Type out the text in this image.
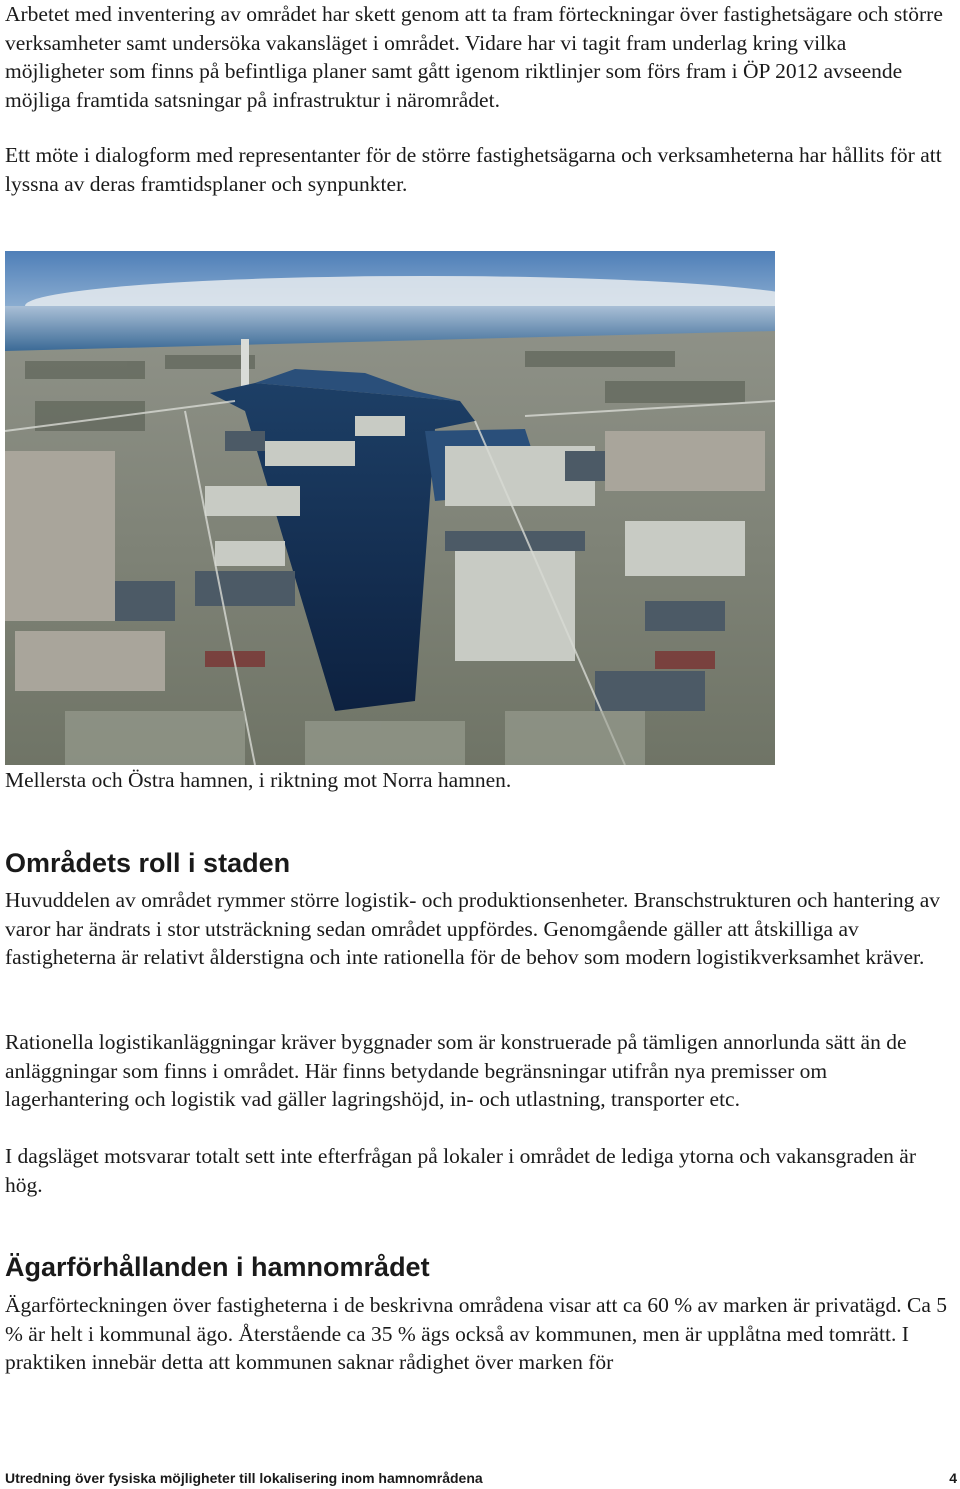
Arbetet med inventering av området har skett genom att ta fram förteckningar över fastighetsägare och större verksamheter samt undersöka vakansläget i området. Vidare har vi tagit fram underlag kring vilka möjligheter som finns på befintliga planer samt gått igenom riktlinjer som förs fram i ÖP 2012 avseende möjliga framtida satsningar på infrastruktur i närområdet.

Ett möte i dialogform med representanter för de större fastighetsägarna och verksamheterna har hållits för att lyssna av deras framtidsplaner och synpunkter.

Mellersta och Östra hamnen, i riktning mot Norra hamnen.

Områdets roll i staden

Huvuddelen av området rymmer större logistik- och produktionsenheter. Branschstrukturen och hantering av varor har ändrats i stor utsträckning sedan området uppfördes. Genomgående gäller att åtskilliga av fastigheterna är relativt ålderstigna och inte rationella för de behov som modern logistikverksamhet kräver.

Rationella logistikanläggningar kräver byggnader som är konstruerade på tämligen annorlunda sätt än de anläggningar som finns i området. Här finns betydande begränsningar utifrån nya premisser om lagerhantering och logistik vad gäller lagringshöjd, in- och utlastning, transporter etc.

I dagsläget motsvarar totalt sett inte efterfrågan på lokaler i området de lediga ytorna och vakansgraden är hög.

Ägarförhållanden i hamnområdet

Ägarförteckningen över fastigheterna i de beskrivna områdena visar att ca 60 % av marken är privatägd. Ca 5 % är helt i kommunal ägo. Återstående ca 35 % ägs också av kommunen, men är upplåtna med tomrätt. I praktiken innebär detta att kommunen saknar rådighet över marken för

Utredning över fysiska möjligheter till lokalisering inom hamnområdena	4
